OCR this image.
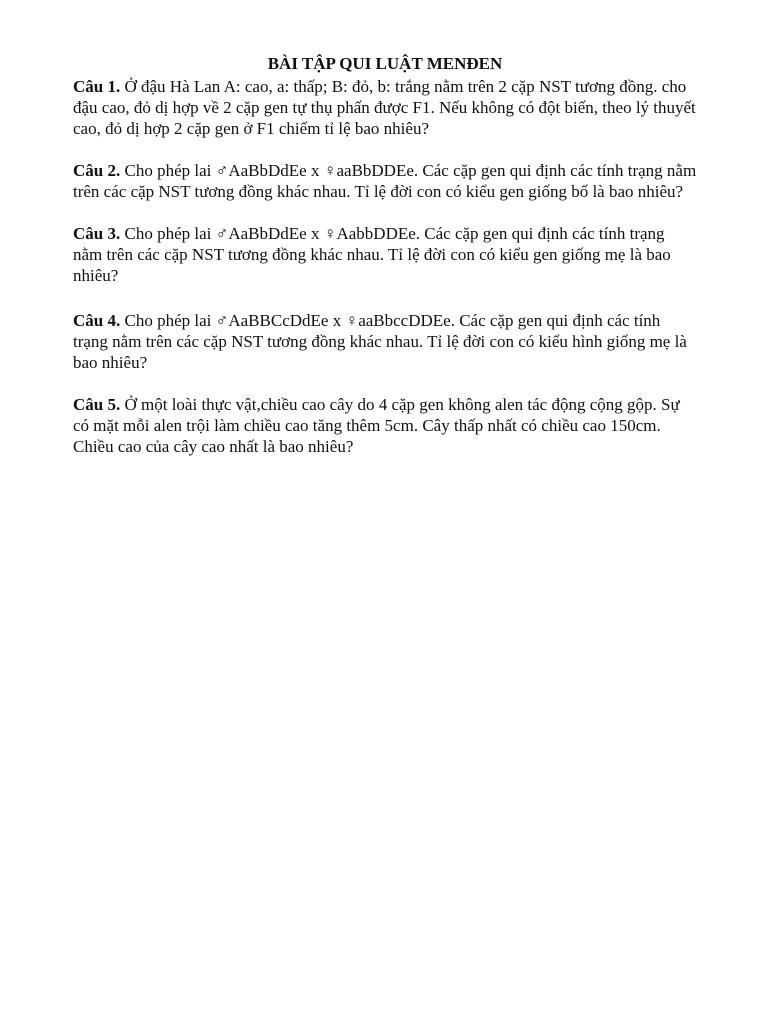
BÀI TẬP QUI LUẬT MENĐEN

Câu 1. Ở đậu Hà Lan A: cao, a: thấp; B: đỏ, b: trắng nằm trên 2 cặp NST tương đồng. cho đậu cao, đỏ dị hợp về 2 cặp gen tự thụ phấn được F1. Nếu không có đột biến, theo lý thuyết cao, đỏ dị hợp 2 cặp gen ở F1 chiếm tỉ lệ bao nhiêu?

Câu 2. Cho phép lai ♂AaBbDdEe x ♀aaBbDDEe. Các cặp gen qui định các tính trạng nằm trên các cặp NST tương đồng khác nhau. Tỉ lệ đời con có kiểu gen giống bố là bao nhiêu?

Câu 3. Cho phép lai ♂AaBbDdEe x ♀AabbDDEe. Các cặp gen qui định các tính trạng nằm trên các cặp NST tương đồng khác nhau. Tỉ lệ đời con có kiểu gen giống mẹ là bao nhiêu?

Câu 4. Cho phép lai ♂AaBBCcDdEe x ♀aaBbccDDEe. Các cặp gen qui định các tính trạng nằm trên các cặp NST tương đồng khác nhau. Tỉ lệ đời con có kiểu hình giống mẹ là bao nhiêu?

Câu 5. Ở một loài thực vật,chiều cao cây do 4 cặp gen không alen tác động cộng gộp. Sự có mặt mỗi alen trội làm chiều cao tăng thêm 5cm. Cây thấp nhất có chiều cao 150cm. Chiều cao của cây cao nhất là bao nhiêu?
